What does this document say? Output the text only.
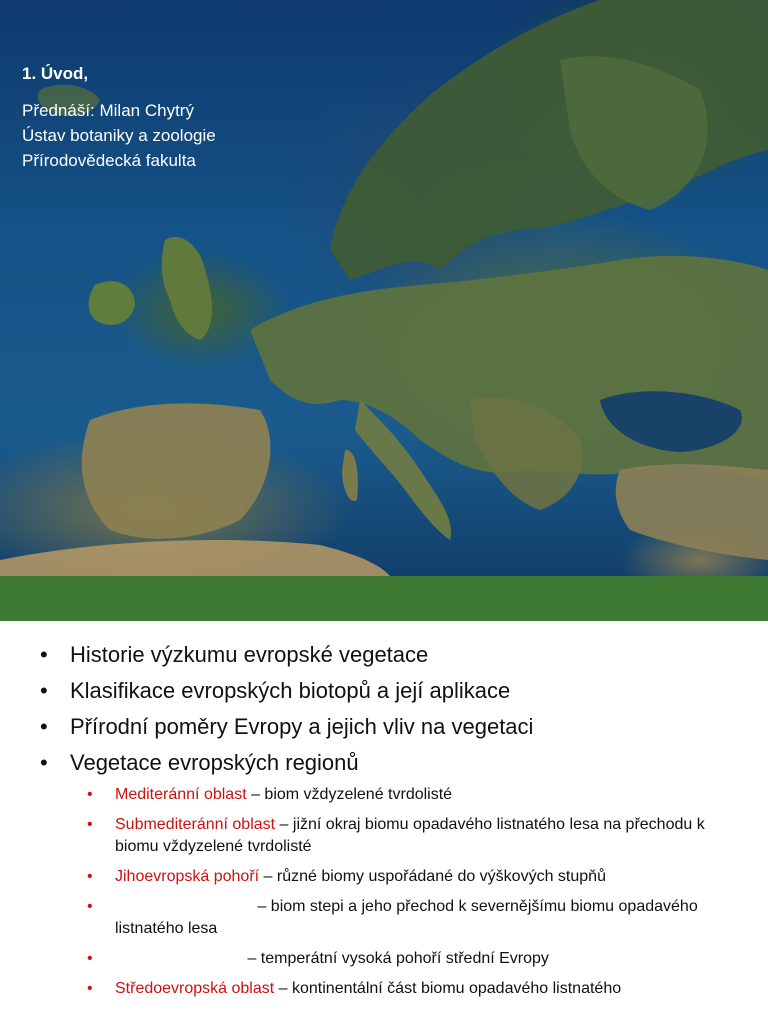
1. Úvod,

Přednáší: Milan Chytrý

Ústav botaniky a zoologie

Přírodovědecká fakulta

• Historie výzkumu evropské vegetace
• Klasifikace evropských biotopů a její aplikace
• Přírodní poměry Evropy a jejich vliv na vegetaci
• Vegetace evropských regionů
• Mediteránní oblast – biom vždyzelené tvrdolisté
• Submediteránní oblast – jižní okraj biomu opadavého listnatého lesa na přechodu k biomu vždyzelené tvrdolisté
• Jihoevropská pohoří – různé biomy uspořádané do výškových stupňů
•	– biom stepi a jeho přechod k severnějšímu biomu opadavého listnatého lesa
•	– temperátní vysoká pohoří střední Evropy
• Středoevropská oblast – kontinentální část biomu opadavého listnatého
